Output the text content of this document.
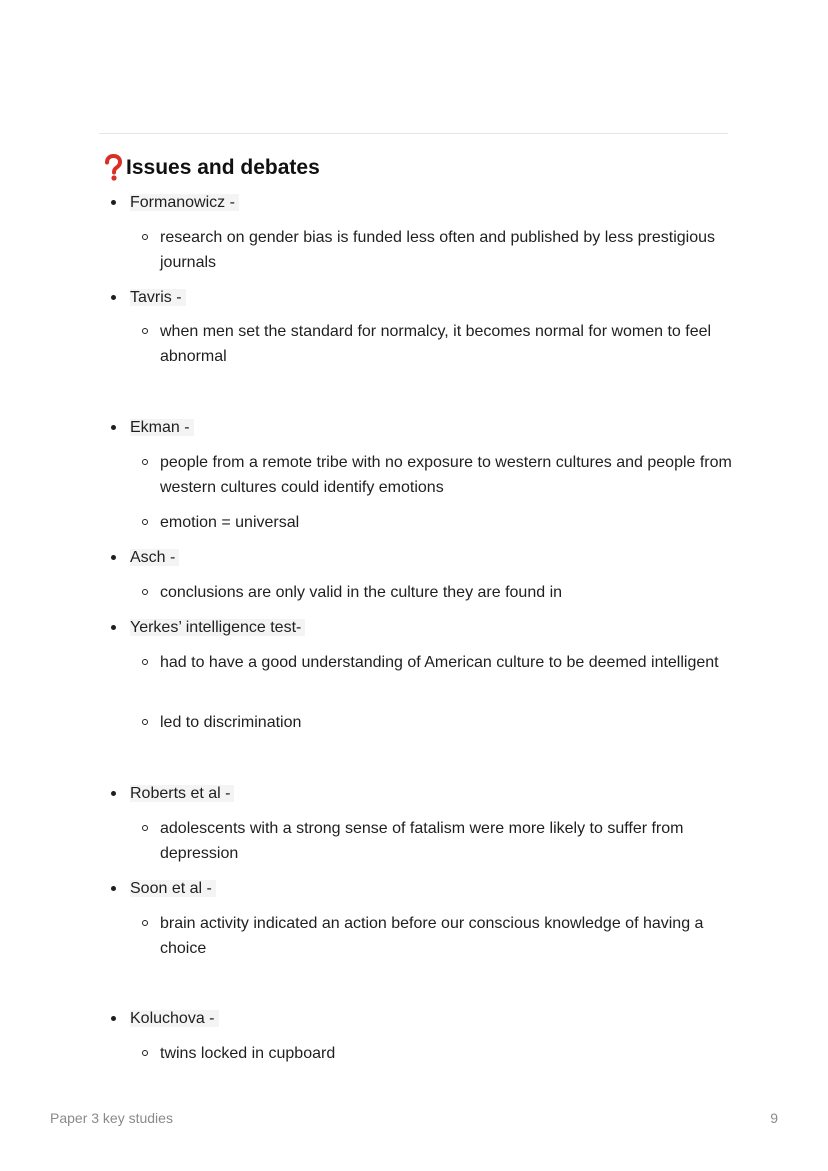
Issues and debates
Formanowicz -
research on gender bias is funded less often and published by less prestigious journals
Tavris -
when men set the standard for normalcy, it becomes normal for women to feel abnormal
Ekman -
people from a remote tribe with no exposure to western cultures and people from western cultures could identify emotions
emotion = universal
Asch -
conclusions are only valid in the culture they are found in
Yerkes’ intelligence test-
had to have a good understanding of American culture to be deemed intelligent
led to discrimination
Roberts et al -
adolescents with a strong sense of fatalism were more likely to suffer from depression
Soon et al -
brain activity indicated an action before our conscious knowledge of having a choice
Koluchova -
twins locked in cupboard
Paper 3 key studies	9
